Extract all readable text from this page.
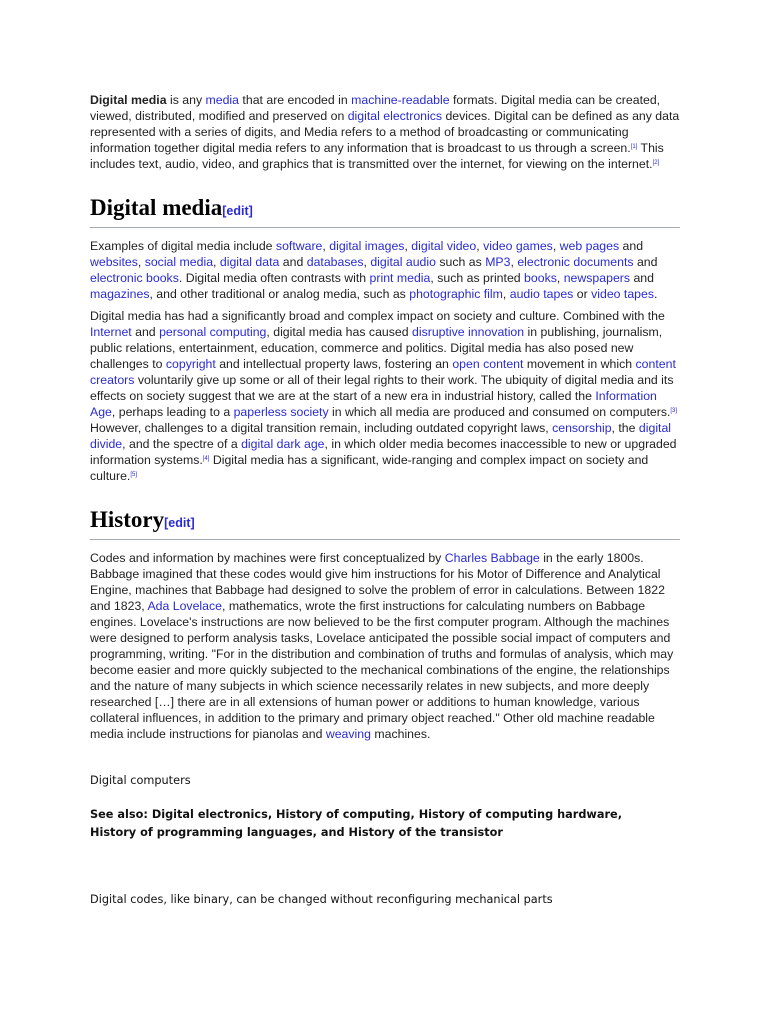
Digital media is any media that are encoded in machine-readable formats. Digital media can be created, viewed, distributed, modified and preserved on digital electronics devices. Digital can be defined as any data represented with a series of digits, and Media refers to a method of broadcasting or communicating information together digital media refers to any information that is broadcast to us through a screen.[1] This includes text, audio, video, and graphics that is transmitted over the internet, for viewing on the internet.[2]

Digital media[edit]

Examples of digital media include software, digital images, digital video, video games, web pages and websites, social media, digital data and databases, digital audio such as MP3, electronic documents and electronic books. Digital media often contrasts with print media, such as printed books, newspapers and magazines, and other traditional or analog media, such as photographic film, audio tapes or video tapes.

Digital media has had a significantly broad and complex impact on society and culture. Combined with the Internet and personal computing, digital media has caused disruptive innovation in publishing, journalism, public relations, entertainment, education, commerce and politics. Digital media has also posed new challenges to copyright and intellectual property laws, fostering an open content movement in which content creators voluntarily give up some or all of their legal rights to their work. The ubiquity of digital media and its effects on society suggest that we are at the start of a new era in industrial history, called the Information Age, perhaps leading to a paperless society in which all media are produced and consumed on computers.[3] However, challenges to a digital transition remain, including outdated copyright laws, censorship, the digital divide, and the spectre of a digital dark age, in which older media becomes inaccessible to new or upgraded information systems.[4] Digital media has a significant, wide-ranging and complex impact on society and culture.[5]

History[edit]

Codes and information by machines were first conceptualized by Charles Babbage in the early 1800s. Babbage imagined that these codes would give him instructions for his Motor of Difference and Analytical Engine, machines that Babbage had designed to solve the problem of error in calculations. Between 1822 and 1823, Ada Lovelace, mathematics, wrote the first instructions for calculating numbers on Babbage engines. Lovelace's instructions are now believed to be the first computer program. Although the machines were designed to perform analysis tasks, Lovelace anticipated the possible social impact of computers and programming, writing. "For in the distribution and combination of truths and formulas of analysis, which may become easier and more quickly subjected to the mechanical combinations of the engine, the relationships and the nature of many subjects in which science necessarily relates in new subjects, and more deeply researched […] there are in all extensions of human power or additions to human knowledge, various collateral influences, in addition to the primary and primary object reached." Other old machine readable media include instructions for pianolas and weaving machines.

Digital computers

See also: Digital electronics, History of computing, History of computing hardware, History of programming languages, and History of the transistor

Digital codes, like binary, can be changed without reconfiguring mechanical parts
